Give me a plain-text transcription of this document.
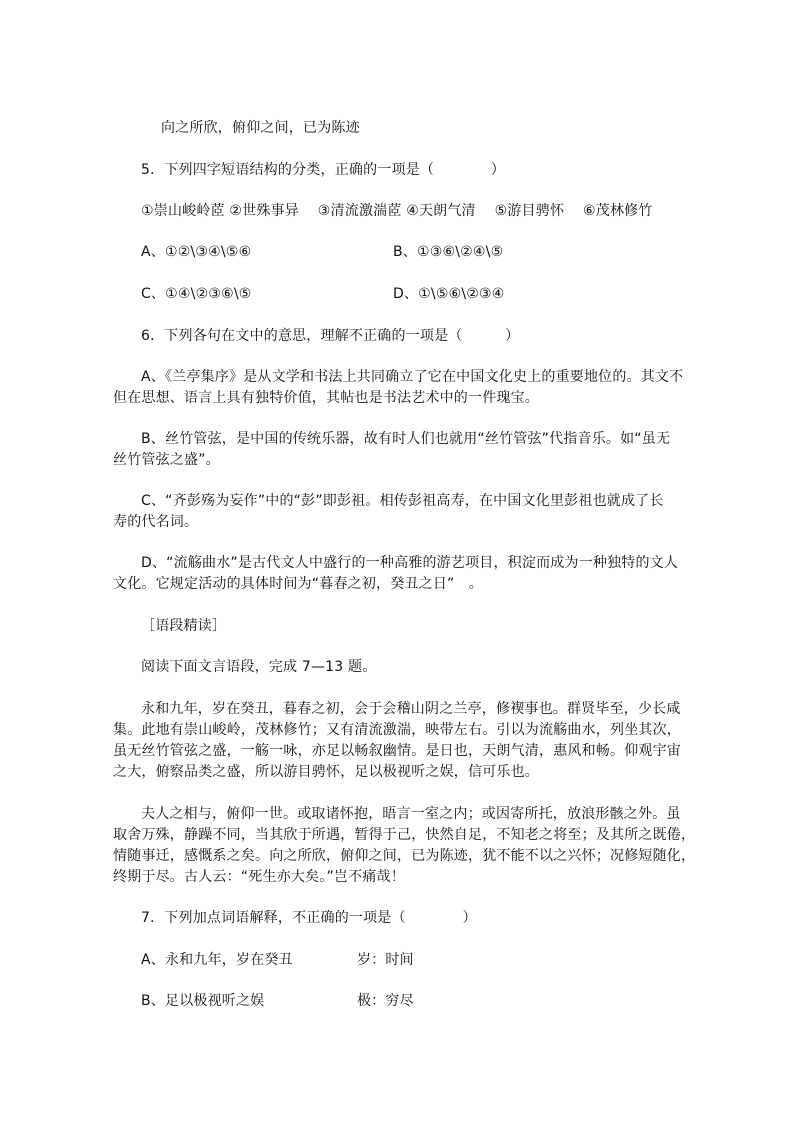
向之所欣，俯仰之间，已为陈迹
5．下列四字短语结构的分类，正确的一项是（　　　　）
①崇山峻岭茝 ②世殊事异　 ③清流激湍茝 ④天朗气清　 ⑤游目骋怀　 ⑥茂林修竹
A、①②\③④\⑤⑥	B、①③⑥\②④\⑤
C、①④\②③⑥\⑤	D、①\⑤⑥\②③④
6．下列各句在文中的意思，理解不正确的一项是（　　　）
A、《兰亭集序》是从文学和书法上共同确立了它在中国文化史上的重要地位的。其文不
但在思想、语言上具有独特价值，其帖也是书法艺术中的一件瑰宝。
B、丝竹管弦，是中国的传统乐器，故有时人们也就用“丝竹管弦”代指音乐。如“虽无
丝竹管弦之盛”。
C、“齐彭殇为妄作”中的“彭”即彭祖。相传彭祖高寿，在中国文化里彭祖也就成了长
寿的代名词。
D、“流觞曲水”是古代文人中盛行的一种高雅的游艺项目，积淀而成为一种独特的文人
文化。它规定活动的具体时间为“暮春之初，癸丑之日”　。
［语段精读］
阅读下面文言语段，完成 7—13 题。
永和九年，岁在癸丑，暮春之初，会于会稽山阴之兰亭，修褉事也。群贤毕至，少长咸
集。此地有崇山峻岭，茂林修竹；又有清流激湍，映带左右。引以为流觞曲水，列坐其次，
虽无丝竹管弦之盛，一觞一咏，亦足以畅叙幽情。是日也，天朗气清，惠风和畅。仰观宇宙
之大，俯察品类之盛，所以游目骋怀，足以极视听之娱，信可乐也。
夫人之相与，俯仰一世。或取诸怀抱，晤言一室之内；或因寄所托，放浪形骸之外。虽
取舍万殊，静躁不同，当其欣于所遇，暂得于己，快然自足，不知老之将至；及其所之既倦，
情随事迁，感慨系之矣。向之所欣，俯仰之间，已为陈迹，犹不能不以之兴怀；况修短随化，
终期于尽。古人云：“死生亦大矣。”岂不痛哉！
7．下列加点词语解释，不正确的一项是（　　　　）
A、永和九年，岁在癸丑	岁：时间
B、足以极视听之娱	极：穷尽
